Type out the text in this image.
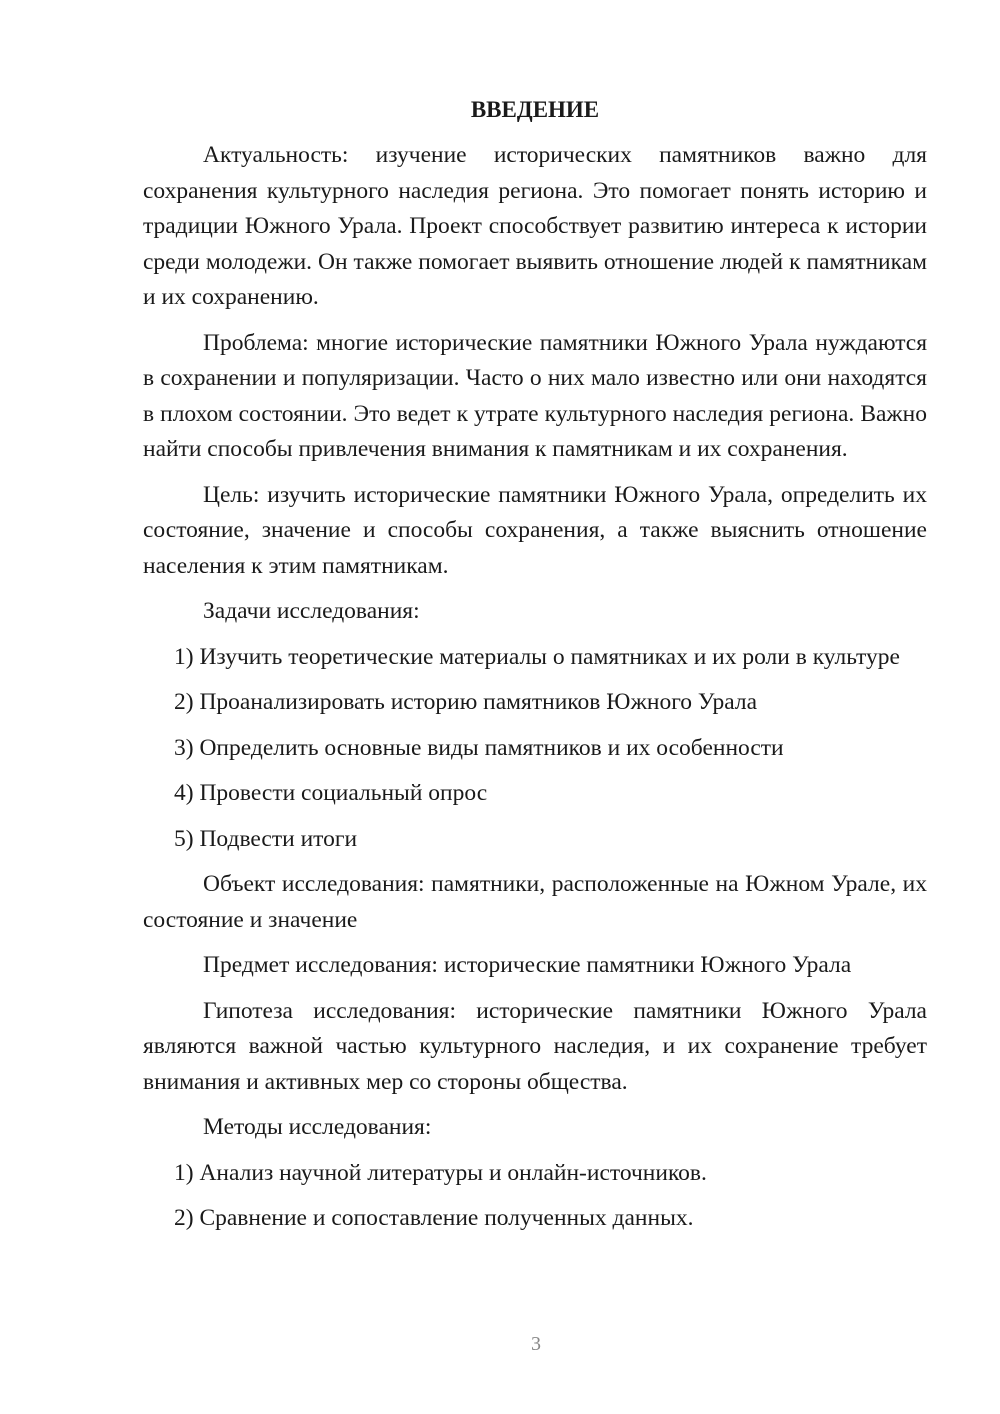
ВВЕДЕНИЕ

Актуальность: изучение исторических памятников важно для сохранения культурного наследия региона. Это помогает понять историю и традиции Южного Урала. Проект способствует развитию интереса к истории среди молодежи. Он также помогает выявить отношение людей к памятникам и их сохранению.

Проблема: многие исторические памятники Южного Урала нуждаются в сохранении и популяризации. Часто о них мало известно или они находятся в плохом состоянии. Это ведет к утрате культурного наследия региона. Важно найти способы привлечения внимания к памятникам и их сохранения.

Цель: изучить исторические памятники Южного Урала, определить их состояние, значение и способы сохранения, а также выяснить отношение населения к этим памятникам.

Задачи исследования:

1) Изучить теоретические материалы о памятниках и их роли в культуре
2) Проанализировать историю памятников Южного Урала
3) Определить основные виды памятников и их особенности
4) Провести социальный опрос
5) Подвести итоги

Объект исследования: памятники, расположенные на Южном Урале, их состояние и значение

Предмет исследования: исторические памятники Южного Урала

Гипотеза исследования: исторические памятники Южного Урала являются важной частью культурного наследия, и их сохранение требует внимания и активных мер со стороны общества.

Методы исследования:

1) Анализ научной литературы и онлайн-источников.
2) Сравнение и сопоставление полученных данных.
3
